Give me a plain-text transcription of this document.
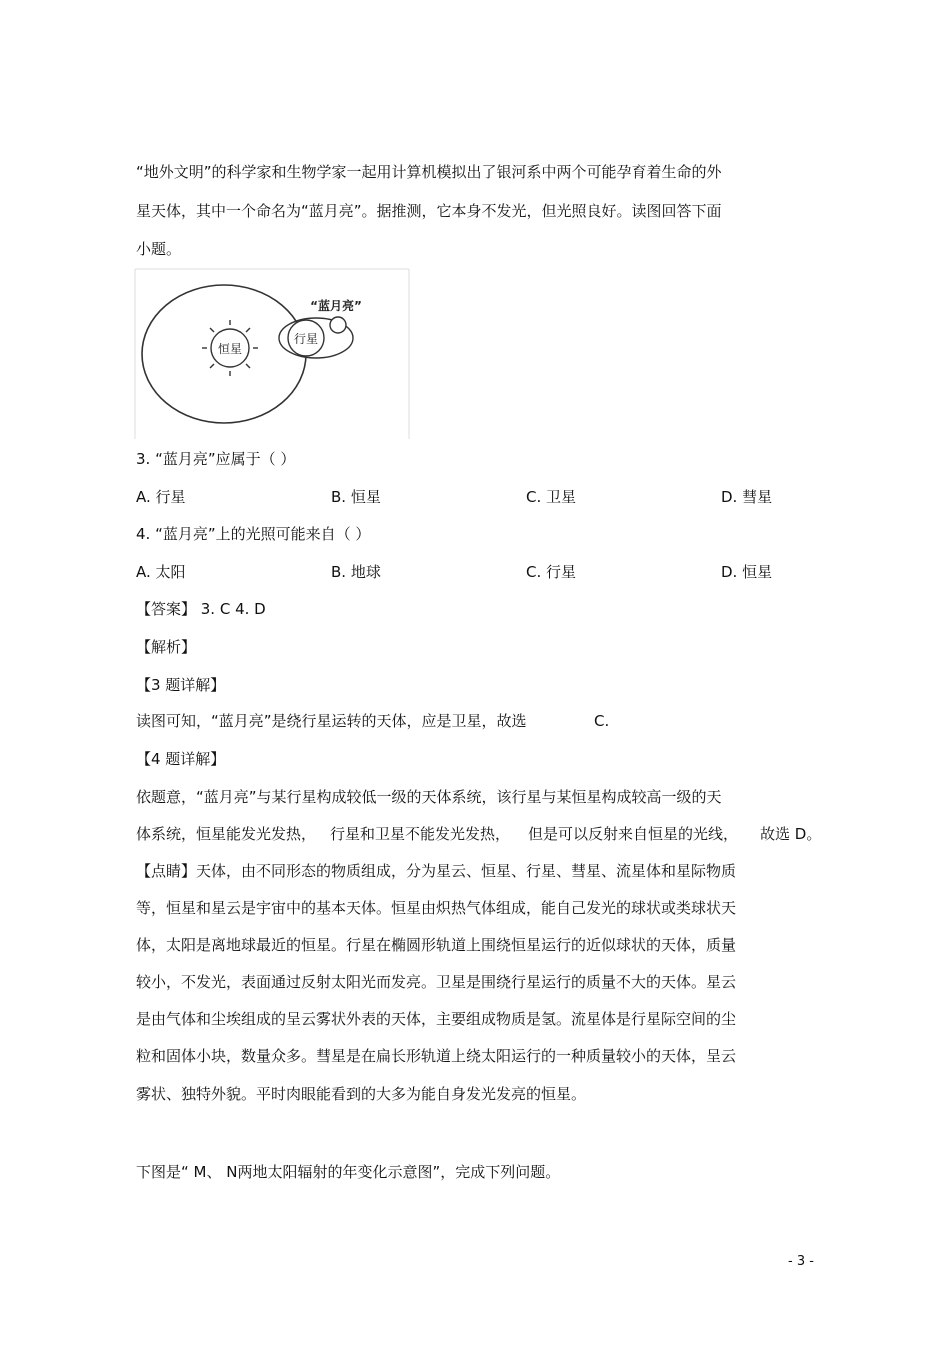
“地外文明”的科学家和生物学家一起用计算机模拟出了银河系中两个可能孕育着生命的外
星天体，其中一个命名为“蓝月亮”。据推测，它本身不发光，但光照良好。读图回答下面
小题。
恒星
行星
“蓝月亮”
3. “蓝月亮”应属于（ ）
A. 行星	B. 恒星	C. 卫星	D. 彗星
4. “蓝月亮”上的光照可能来自（ ）
A. 太阳	B. 地球	C. 行星	D. 恒星
【答案】 3. C 4. D
【解析】
【3 题详解】
读图可知，“蓝月亮”是绕行星运转的天体，应是卫星，故选	C.
【4 题详解】
依题意，“蓝月亮”与某行星构成较低一级的天体系统，该行星与某恒星构成较高一级的天
体系统，恒星能发光发热， 行星和卫星不能发光发热， 但是可以反射来自恒星的光线， 故选 D。
【点睛】天体，由不同形态的物质组成，分为星云、恒星、行星、彗星、流星体和星际物质
等，恒星和星云是宇宙中的基本天体。恒星由炽热气体组成，能自己发光的球状或类球状天
体，太阳是离地球最近的恒星。行星在椭圆形轨道上围绕恒星运行的近似球状的天体，质量
较小，不发光，表面通过反射太阳光而发亮。卫星是围绕行星运行的质量不大的天体。星云
是由气体和尘埃组成的呈云雾状外表的天体，主要组成物质是氢。流星体是行星际空间的尘
粒和固体小块，数量众多。彗星是在扁长形轨道上绕太阳运行的一种质量较小的天体，呈云
雾状、独特外貌。平时肉眼能看到的大多为能自身发光发亮的恒星。
下图是“ M、 N两地太阳辐射的年变化示意图”，完成下列问题。
- 3 -
